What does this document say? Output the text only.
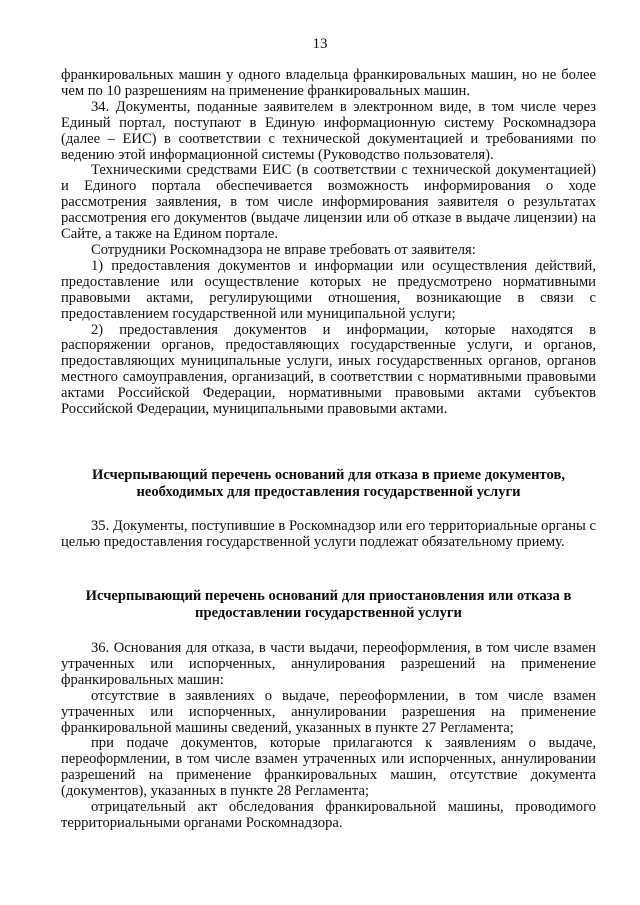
13

франкировальных машин у одного владельца франкировальных машин, но не более чем по 10 разрешениям на применение франкировальных машин.

34. Документы, поданные заявителем в электронном виде, в том числе через Единый портал, поступают в Единую информационную систему Роскомнадзора (далее – ЕИС) в соответствии с технической документацией и требованиями по ведению этой информационной системы (Руководство пользователя).

Техническими средствами ЕИС (в соответствии с технической документацией) и Единого портала обеспечивается возможность информирования о ходе рассмотрения заявления, в том числе информирования заявителя о результатах рассмотрения его документов (выдаче лицензии или об отказе в выдаче лицензии) на Сайте, а также на Едином портале.

Сотрудники Роскомнадзора не вправе требовать от заявителя:

1) предоставления документов и информации или осуществления действий, предоставление или осуществление которых не предусмотрено нормативными правовыми актами, регулирующими отношения, возникающие в связи с предоставлением государственной или муниципальной услуги;

2) предоставления документов и информации, которые находятся в распоряжении органов, предоставляющих государственные услуги, и органов, предоставляющих муниципальные услуги, иных государственных органов, органов местного самоуправления, организаций, в соответствии с нормативными правовыми актами Российской Федерации, нормативными правовыми актами субъектов Российской Федерации, муниципальными правовыми актами.

Исчерпывающий перечень оснований для отказа в приеме документов,

необходимых для предоставления государственной услуги

35. Документы, поступившие в Роскомнадзор или его территориальные органы с целью предоставления государственной услуги подлежат обязательному приему.

Исчерпывающий перечень оснований для приостановления или отказа в

предоставлении государственной услуги

36. Основания для отказа, в части выдачи, переоформления, в том числе взамен утраченных или испорченных, аннулирования разрешений на применение франкировальных машин:

отсутствие в заявлениях о выдаче, переоформлении, в том числе взамен утраченных или испорченных, аннулировании разрешения на применение франкировальной машины сведений, указанных в пункте 27 Регламента;

при подаче документов, которые прилагаются к заявлениям о выдаче, переоформлении, в том числе взамен утраченных или испорченных, аннулировании разрешений на применение франкировальных машин, отсутствие документа (документов), указанных в пункте 28 Регламента;

отрицательный акт обследования франкировальной машины, проводимого территориальными органами Роскомнадзора.
